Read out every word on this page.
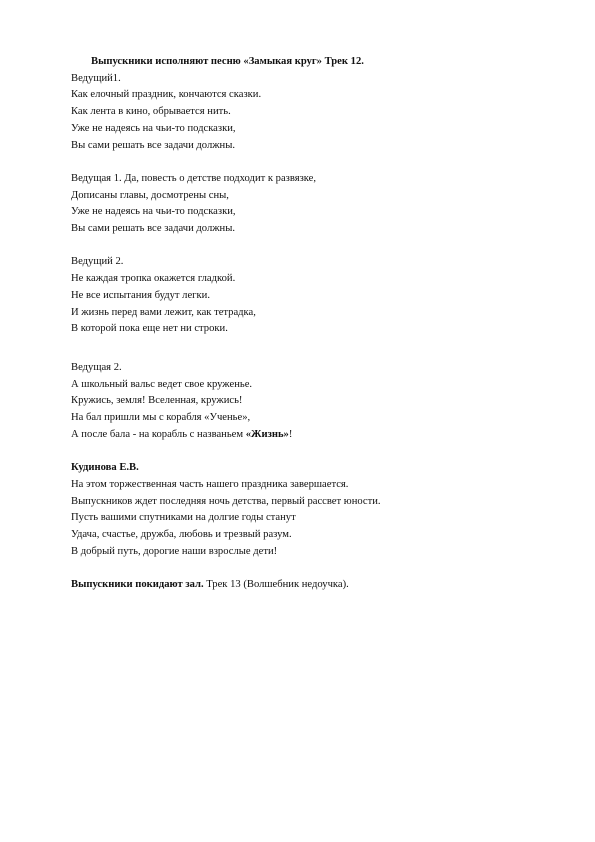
Выпускники исполняют песню «Замыкая круг» Трек 12.
Ведущий1.
Как елочный праздник, кончаются сказки.
Как лента в кино, обрывается нить.
Уже не надеясь на чьи-то подсказки,
Вы сами решать все задачи должны.
Ведущая 1. Да, повесть о детстве подходит к развязке,
Дописаны главы, досмотрены сны,
Уже не надеясь на чьи-то подсказки,
Вы сами решать все задачи должны.
Ведущий 2.
Не каждая тропка окажется гладкой.
Не все испытания будут легки.
И жизнь перед вами лежит, как тетрадка,
В которой пока еще нет ни строки.
Ведущая 2.
А школьный вальс ведет свое круженье.
Кружись, земля! Вселенная, кружись!
На бал пришли мы с корабля «Ученье»,
А после бала - на корабль с названьем «Жизнь»!
Кудинова Е.В.
На этом торжественная часть нашего праздника завершается.
Выпускников ждет последняя ночь детства, первый рассвет юности.
Пусть вашими спутниками на долгие годы станут
Удача, счастье, дружба, любовь и трезвый разум.
В добрый путь, дорогие наши взрослые дети!
Выпускники покидают зал. Трек 13 (Волшебник недоучка).
